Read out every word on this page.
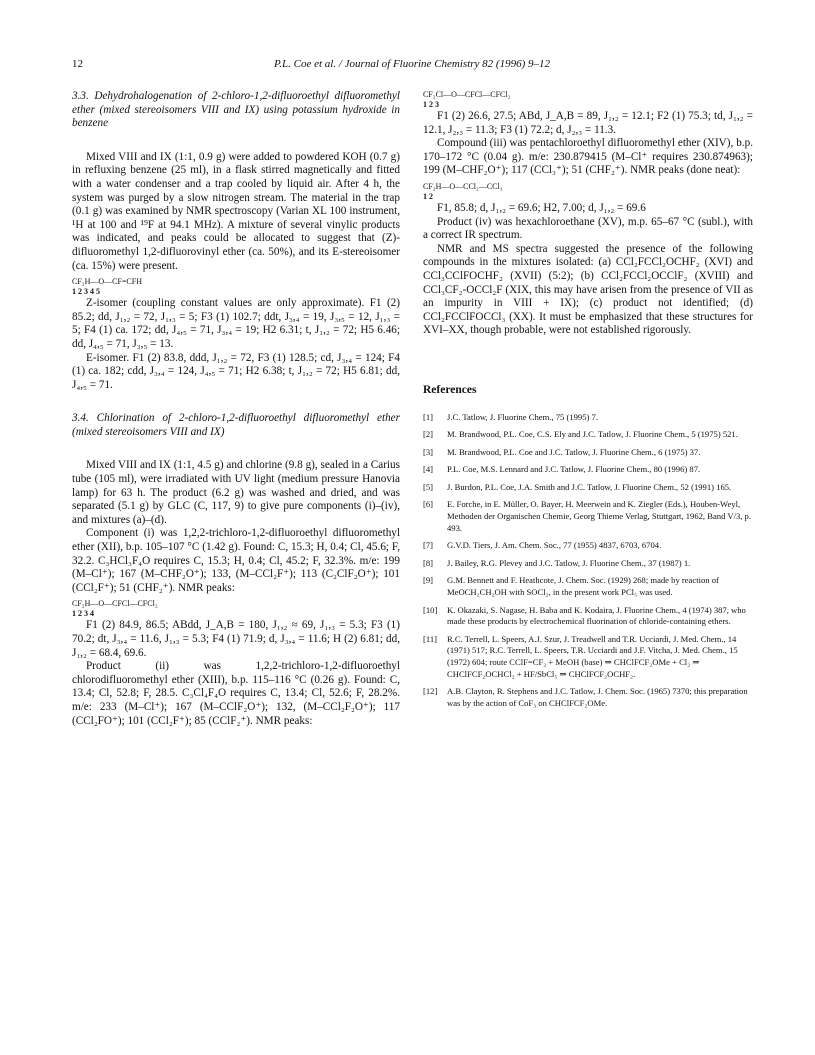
P.L. Coe et al. / Journal of Fluorine Chemistry 82 (1996) 9–12
12

3.3. Dehydrohalogenation of 2-chloro-1,2-difluoroethyl difluoromethyl ether (mixed stereoisomers VIII and IX) using potassium hydroxide in benzene

Mixed VIII and IX (1:1, 0.9 g) were added to powdered KOH (0.7 g) in refluxing benzene (25 ml), in a flask stirred magnetically and fitted with a water condenser and a trap cooled by liquid air. After 4 h, the system was purged by a slow nitrogen stream. The material in the trap (0.1 g) was examined by NMR spectroscopy (Varian XL 100 instrument, ¹H at 100 and ¹⁹F at 94.1 MHz). A mixture of several vinylic products was indicated, and peaks could be allocated to suggest that (Z)-difluoromethyl 1,2-difluorovinyl ether (ca. 50%), and its E-stereoisomer (ca. 15%) were present.

CF₂H—O—CF=CFH
1 2 3 4 5

Z-isomer (coupling constant values are only approximate). F1 (2) 85.2; dd, J₁,₂ = 72, J₁,₃ = 5; F3 (1) 102.7; ddt, J₃,₄ = 19, J₃,₅ = 12, J₁,₃ = 5; F4 (1) ca. 172; dd, J₄,₅ = 71, J₃,₄ = 19; H2 6.31; t, J₁,₂ = 72; H5 6.46; dd, J₄,₅ = 71, J₃,₅ = 13.

E-isomer. F1 (2) 83.8, ddd, J₁,₂ = 72, F3 (1) 128.5; cd, J₃,₄ = 124; F4 (1) ca. 182; cdd, J₃,₄ = 124, J₄,₅ = 71; H2 6.38; t, J₁,₂ = 72; H5 6.81; dd, J₄,₅ = 71.

3.4. Chlorination of 2-chloro-1,2-difluoroethyl difluoromethyl ether (mixed stereoisomers VIII and IX)

Mixed VIII and IX (1:1, 4.5 g) and chlorine (9.8 g), sealed in a Carius tube (105 ml), were irradiated with UV light (medium pressure Hanovia lamp) for 63 h. The product (6.2 g) was washed and dried, and was separated (5.1 g) by GLC (C, 117, 9) to give pure components (i)–(iv), and mixtures (a)–(d).

Component (i) was 1,2,2-trichloro-1,2-difluoroethyl difluoromethyl ether (XII), b.p. 105–107 °C (1.42 g). Found: C, 15.3; H, 0.4; Cl, 45.6; F, 32.2. C₃HCl₃F₄O requires C, 15.3; H, 0.4; Cl, 45.2; F, 32.3%. m/e: 199 (M–Cl⁺); 167 (M–CHF₂O⁺); 133, (M–CCl₂F⁺); 113 (C₂ClF₂O⁺); 101 (CCl₂F⁺); 51 (CHF₂⁺). NMR peaks:

CF₂H—O—CFCl—CFCl₂
1 2 3 4

F1 (2) 84.9, 86.5; ABdd, J_A,B = 180, J₁,₂ ≈ 69, J₁,₃ = 5.3; F3 (1) 70.2; dt, J₃,₄ = 11.6, J₁,₃ = 5.3; F4 (1) 71.9; d, J₃,₄ = 11.6; H (2) 6.81; dd, J₁,₂ = 68.4, 69.6.

Product (ii) was 1,2,2-trichloro-1,2-difluoroethyl chlorodifluoromethyl ether (XIII), b.p. 115–116 °C (0.26 g). Found: C, 13.4; Cl, 52.8; F, 28.5. C₃Cl₄F₄O requires C, 13.4; Cl, 52.6; F, 28.2%. m/e: 233 (M–Cl⁺); 167 (M–CClF₂O⁺); 132, (M–CCl₂F₂O⁺); 117 (CCl₂FO⁺); 101 (CCl₂F⁺); 85 (CClF₂⁺). NMR peaks:

CF₂Cl—O—CFCl—CFCl₂
1 2 3

F1 (2) 26.6, 27.5; ABd, J_A,B = 89, J₁,₂ = 12.1; F2 (1) 75.3; td, J₁,₂ = 12.1, J₂,₃ = 11.3; F3 (1) 72.2; d, J₂,₃ = 11.3.

Compound (iii) was pentachloroethyl difluoromethyl ether (XIV), b.p. 170–172 °C (0.04 g). m/e: 230.879415 (M–Cl⁺ requires 230.874963); 199 (M–CHF₂O⁺); 117 (CCl₃⁺); 51 (CHF₂⁺). NMR peaks (done neat):

CF₂H—O—CCl₂—CCl₃
1 2

F1, 85.8; d, J₁,₂ = 69.6; H2, 7.00; d, J₁,₂ = 69.6

Product (iv) was hexachloroethane (XV), m.p. 65–67 °C (subl.), with a correct IR spectrum.

NMR and MS spectra suggested the presence of the following compounds in the mixtures isolated: (a) CCl₂FCCl₂OCHF₂ (XVI) and CCl₃CClFOCHF₂ (XVII) (5:2); (b) CCl₂FCCl₂OCClF₂ (XVIII) and CCl₃CF₂-OCCl₂F (XIX, this may have arisen from the presence of VII as an impurity in VIII + IX); (c) product not identified; (d) CCl₂FCClFOCCl₃ (XX). It must be emphasized that these structures for XVI–XX, though probable, were not established rigorously.

References
[1] J.C. Tatlow, J. Fluorine Chem., 75 (1995) 7.
[2] M. Brandwood, P.L. Coe, C.S. Ely and J.C. Tatlow, J. Fluorine Chem., 5 (1975) 521.
[3] M. Brandwood, P.L. Coe and J.C. Tatlow, J. Fluorine Chem., 6 (1975) 37.
[4] P.L. Coe, M.S. Lennard and J.C. Tatlow, J. Fluorine Chem., 80 (1996) 87.
[5] J. Burdon, P.L. Coe, J.A. Smith and J.C. Tatlow, J. Fluorine Chem., 52 (1991) 165.
[6] E. Forche, in E. Müller, O. Bayer, H. Meerwein and K. Ziegler (Eds.), Houben-Weyl, Methoden der Organischen Chemie, Georg Thieme Verlag, Stuttgart, 1962, Band V/3, p. 493.
[7] G.V.D. Tiers, J. Am. Chem. Soc., 77 (1955) 4837, 6703, 6704.
[8] J. Bailey, R.G. Plevey and J.C. Tatlow, J. Fluorine Chem., 37 (1987) 1.
[9] G.M. Bennett and F. Heathcote, J. Chem. Soc. (1929) 268; made by reaction of MeOCH₂CH₂OH with SOCl₂, in the present work PCl₅ was used.
[10] K. Okazaki, S. Nagase, H. Baba and K. Kodaira, J. Fluorine Chem., 4 (1974) 387, who made these products by electrochemical fluorination of chloride-containing ethers.
[11] R.C. Terrell, L. Speers, A.J. Szur, J. Treadwell and T.R. Ucciardi, J. Med. Chem., 14 (1971) 517; R.C. Terrell, L. Speers, T.R. Ucciardi and J.F. Vitcha, J. Med. Chem., 15 (1972) 604; route CClF=CF₂ + MeOH (base) ⇒ CHClFCF₂OMe + Cl₂ ⇒ CHClFCF₂OCHCl₂ + HF/SbCl₅ ⇒ CHClFCF₂OCHF₂.
[12] A.B. Clayton, R. Stephens and J.C. Tatlow, J. Chem. Soc. (1965) 7370; this preparation was by the action of CoF₃ on CHClFCF₂OMe.
